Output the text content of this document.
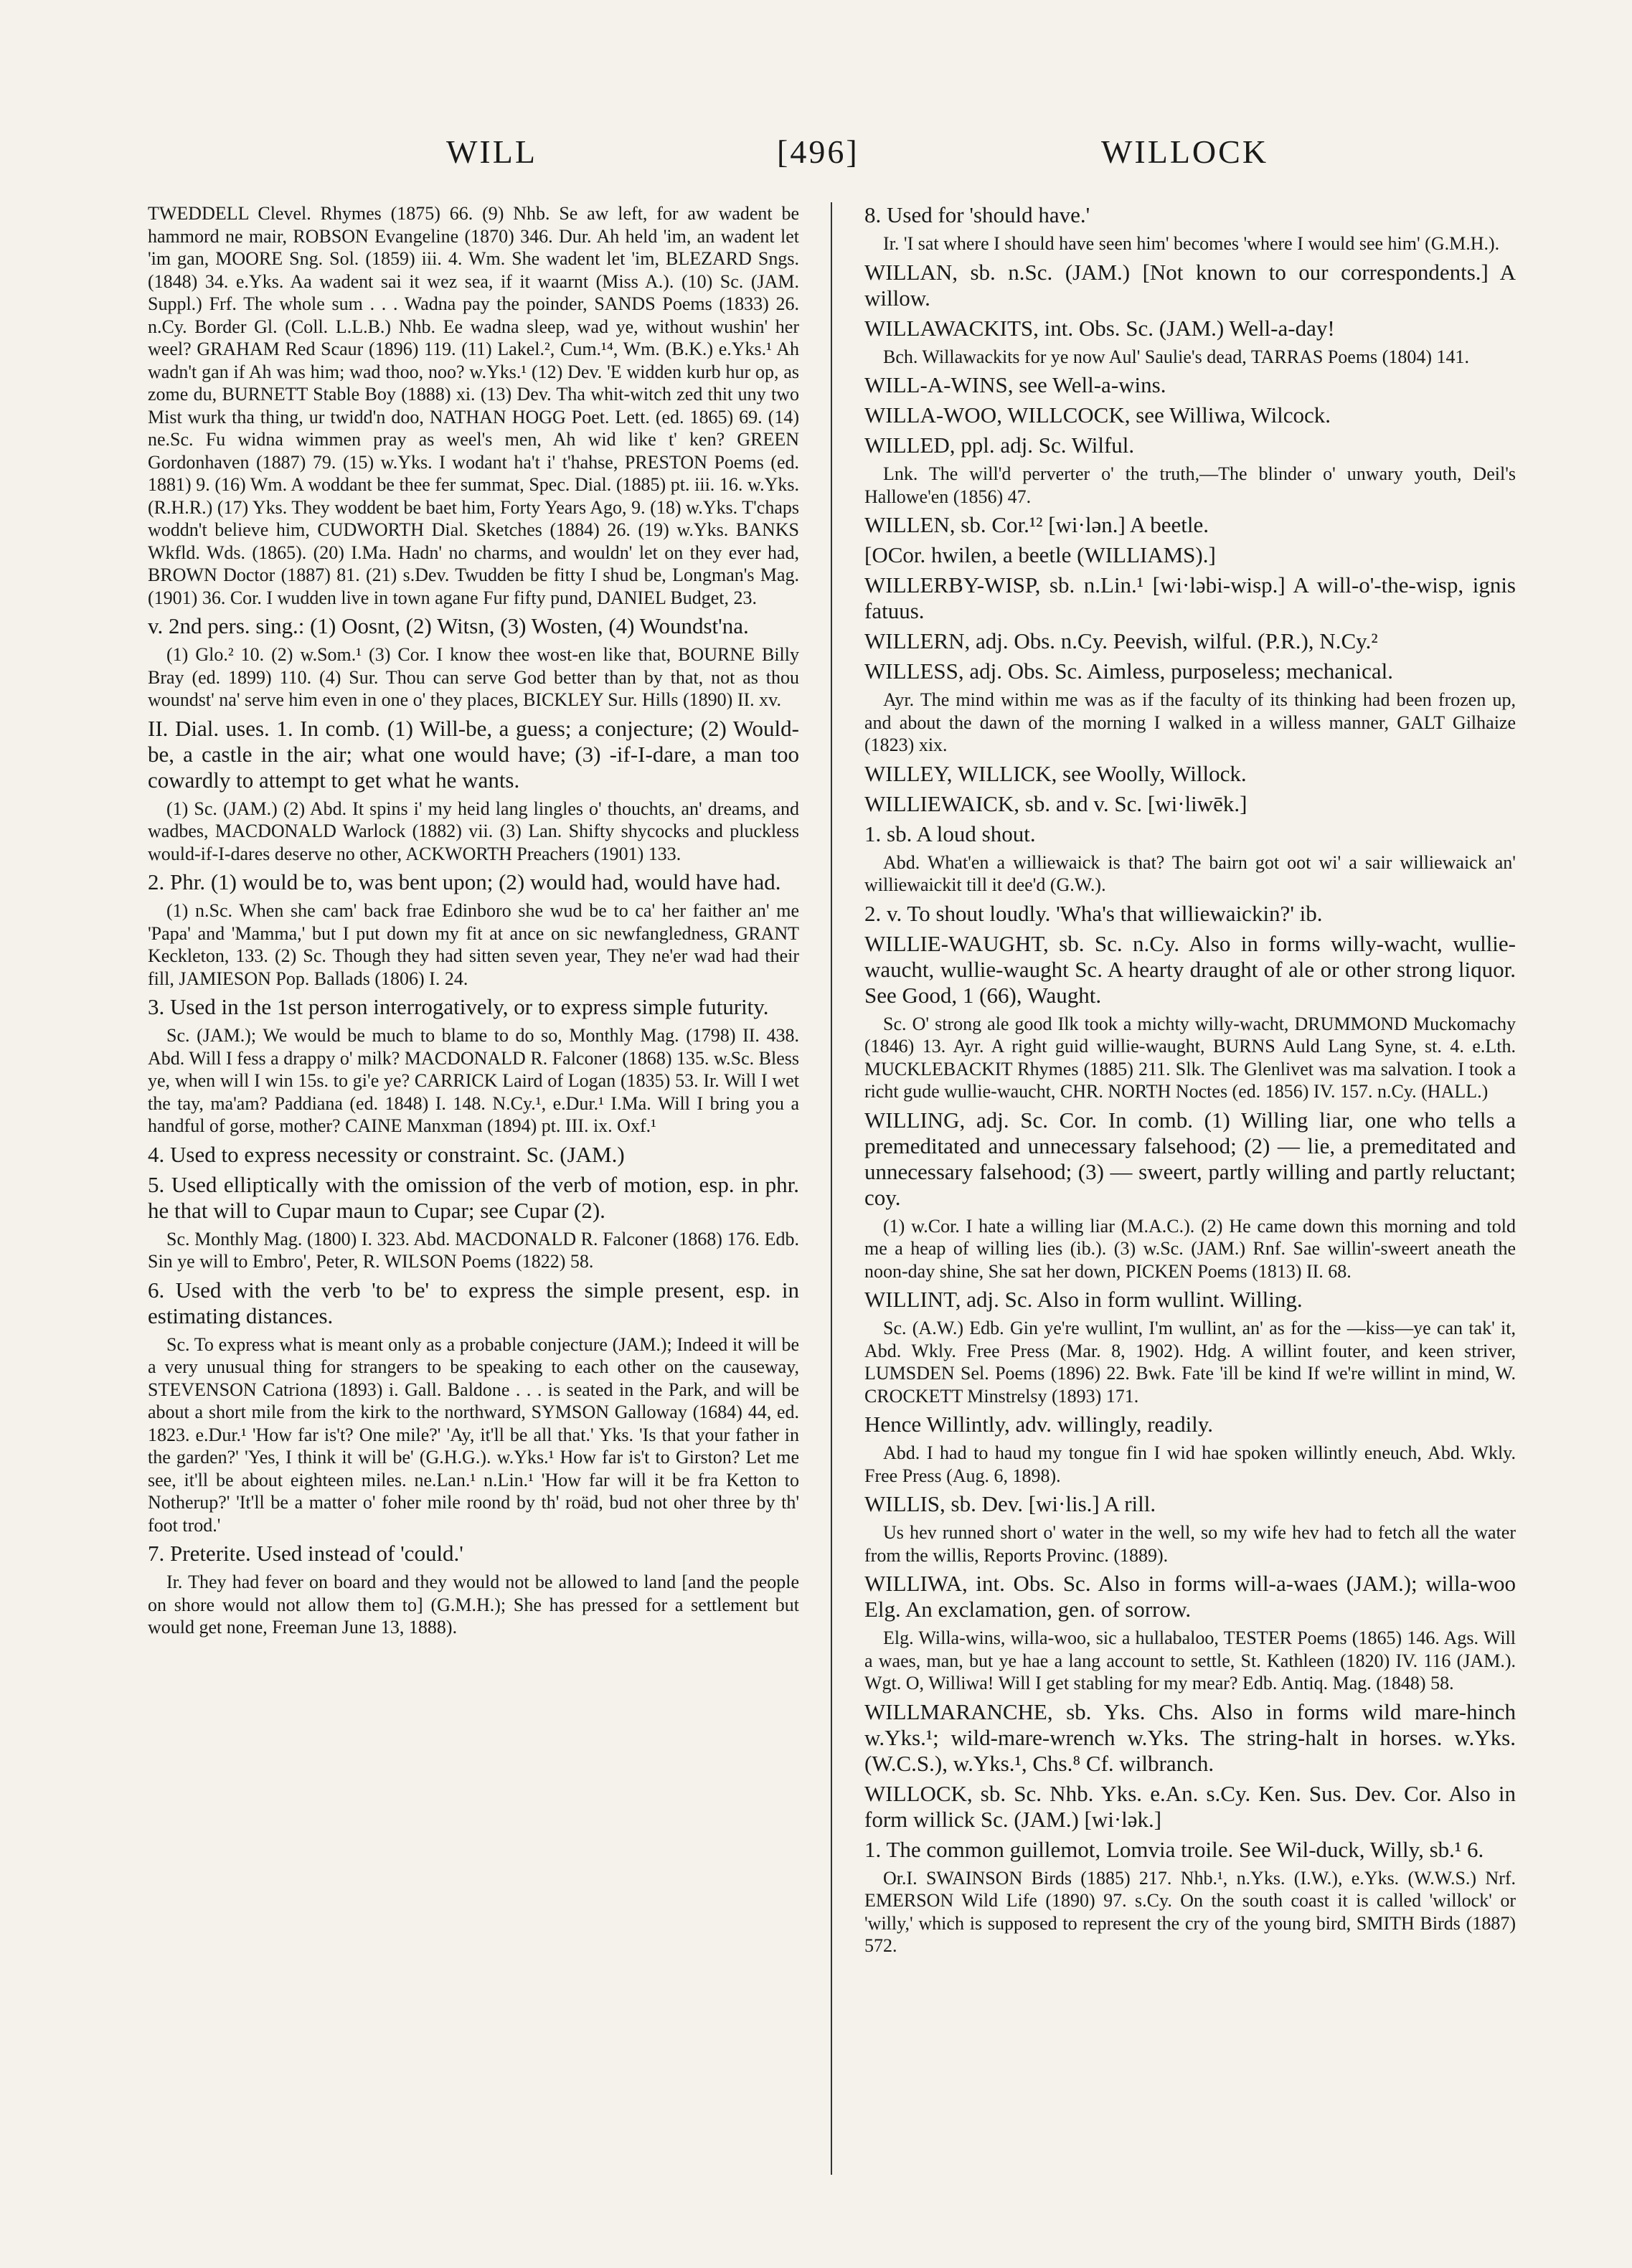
WILL	[496]	WILLOCK

TWEDDELL Clevel. Rhymes (1875) 66. (9) Nhb. Se aw left, for aw wadent be hammord ne mair, ROBSON Evangeline (1870) 346. Dur. Ah held 'im, an wadent let 'im gan, MOORE Sng. Sol. (1859) iii. 4. Wm. She wadent let 'im, BLEZARD Sngs. (1848) 34. e.Yks. Aa wadent sai it wez sea, if it waarnt (Miss A.). (10) Sc. (JAM. Suppl.) Frf. The whole sum . . . Wadna pay the poinder, SANDS Poems (1833) 26. n.Cy. Border Gl. (Coll. L.L.B.) Nhb. Ee wadna sleep, wad ye, without wushin' her weel? GRAHAM Red Scaur (1896) 119. (11) Lakel.², Cum.¹⁴, Wm. (B.K.) e.Yks.¹ Ah wadn't gan if Ah was him; wad thoo, noo? w.Yks.¹ (12) Dev. 'E widden kurb hur op, as zome du, BURNETT Stable Boy (1888) xi. (13) Dev. Tha whit-witch zed thit uny two Mist wurk tha thing, ur twidd'n doo, NATHAN HOGG Poet. Lett. (ed. 1865) 69. (14) ne.Sc. Fu widna wimmen pray as weel's men, Ah wid like t' ken? GREEN Gordonhaven (1887) 79. (15) w.Yks. I wodant ha't i' t'hahse, PRESTON Poems (ed. 1881) 9. (16) Wm. A woddant be thee fer summat, Spec. Dial. (1885) pt. iii. 16. w.Yks. (R.H.R.) (17) Yks. They woddent be baet him, Forty Years Ago, 9. (18) w.Yks. T'chaps woddn't believe him, CUDWORTH Dial. Sketches (1884) 26. (19) w.Yks. BANKS Wkfld. Wds. (1865). (20) I.Ma. Hadn' no charms, and wouldn' let on they ever had, BROWN Doctor (1887) 81. (21) s.Dev. Twudden be fitty I shud be, Longman's Mag. (1901) 36. Cor. I wudden live in town agane Fur fifty pund, DANIEL Budget, 23.

v. 2nd pers. sing.: (1) Oosnt, (2) Witsn, (3) Wosten, (4) Woundst'na.

(1) Glo.² 10. (2) w.Som.¹ (3) Cor. I know thee wost-en like that, BOURNE Billy Bray (ed. 1899) 110. (4) Sur. Thou can serve God better than by that, not as thou woundst' na' serve him even in one o' they places, BICKLEY Sur. Hills (1890) II. xv.

II. Dial. uses. 1. In comb. (1) Will-be, a guess; a conjecture; (2) Would-be, a castle in the air; what one would have; (3) -if-I-dare, a man too cowardly to attempt to get what he wants.

(1) Sc. (JAM.) (2) Abd. It spins i' my heid lang lingles o' thouchts, an' dreams, and wadbes, MACDONALD Warlock (1882) vii. (3) Lan. Shifty shycocks and pluckless would-if-I-dares deserve no other, ACKWORTH Preachers (1901) 133.

2. Phr. (1) would be to, was bent upon; (2) would had, would have had.

(1) n.Sc. When she cam' back frae Edinboro she wud be to ca' her faither an' me 'Papa' and 'Mamma,' but I put down my fit at ance on sic newfangledness, GRANT Keckleton, 133. (2) Sc. Though they had sitten seven year, They ne'er wad had their fill, JAMIESON Pop. Ballads (1806) I. 24.

3. Used in the 1st person interrogatively, or to express simple futurity.

Sc. (JAM.); We would be much to blame to do so, Monthly Mag. (1798) II. 438. Abd. Will I fess a drappy o' milk? MACDONALD R. Falconer (1868) 135. w.Sc. Bless ye, when will I win 15s. to gi'e ye? CARRICK Laird of Logan (1835) 53. Ir. Will I wet the tay, ma'am? Paddiana (ed. 1848) I. 148. N.Cy.¹, e.Dur.¹ I.Ma. Will I bring you a handful of gorse, mother? CAINE Manxman (1894) pt. III. ix. Oxf.¹

4. Used to express necessity or constraint. Sc. (JAM.)

5. Used elliptically with the omission of the verb of motion, esp. in phr. he that will to Cupar maun to Cupar; see Cupar (2).

Sc. Monthly Mag. (1800) I. 323. Abd. MACDONALD R. Falconer (1868) 176. Edb. Sin ye will to Embro', Peter, R. WILSON Poems (1822) 58.

6. Used with the verb 'to be' to express the simple present, esp. in estimating distances.

Sc. To express what is meant only as a probable conjecture (JAM.); Indeed it will be a very unusual thing for strangers to be speaking to each other on the causeway, STEVENSON Catriona (1893) i. Gall. Baldone . . . is seated in the Park, and will be about a short mile from the kirk to the northward, SYMSON Galloway (1684) 44, ed. 1823. e.Dur.¹ 'How far is't? One mile?' 'Ay, it'll be all that.' Yks. 'Is that your father in the garden?' 'Yes, I think it will be' (G.H.G.). w.Yks.¹ How far is't to Girston? Let me see, it'll be about eighteen miles. ne.Lan.¹ n.Lin.¹ 'How far will it be fra Ketton to Notherup?' 'It'll be a matter o' foher mile roond by th' roäd, bud not oher three by th' foot trod.'

7. Preterite. Used instead of 'could.'

Ir. They had fever on board and they would not be allowed to land [and the people on shore would not allow them to] (G.M.H.); She has pressed for a settlement but would get none, Freeman June 13, 1888).

8. Used for 'should have.'

Ir. 'I sat where I should have seen him' becomes 'where I would see him' (G.M.H.).

WILLAN, sb. n.Sc. (JAM.) [Not known to our correspondents.] A willow.

WILLAWACKITS, int. Obs. Sc. (JAM.) Well-a-day!

Bch. Willawackits for ye now Aul' Saulie's dead, TARRAS Poems (1804) 141.

WILL-A-WINS, see Well-a-wins.

WILLA-WOO, WILLCOCK, see Williwa, Wilcock.

WILLED, ppl. adj. Sc. Wilful.

Lnk. The will'd perverter o' the truth,—The blinder o' unwary youth, Deil's Hallowe'en (1856) 47.

WILLEN, sb. Cor.¹² [wi·lən.] A beetle.

[OCor. hwilen, a beetle (WILLIAMS).]

WILLERBY-WISP, sb. n.Lin.¹ [wi·ləbi-wisp.] A will-o'-the-wisp, ignis fatuus.

WILLERN, adj. Obs. n.Cy. Peevish, wilful. (P.R.), N.Cy.²

WILLESS, adj. Obs. Sc. Aimless, purposeless; mechanical.

Ayr. The mind within me was as if the faculty of its thinking had been frozen up, and about the dawn of the morning I walked in a willess manner, GALT Gilhaize (1823) xix.

WILLEY, WILLICK, see Woolly, Willock.

WILLIEWAICK, sb. and v. Sc. [wi·liwēk.]

1. sb. A loud shout.

Abd. What'en a williewaick is that? The bairn got oot wi' a sair williewaick an' williewaickit till it dee'd (G.W.).

2. v. To shout loudly. 'Wha's that williewaickin?' ib.

WILLIE-WAUGHT, sb. Sc. n.Cy. Also in forms willy-wacht, wullie-waucht, wullie-waught Sc. A hearty draught of ale or other strong liquor. See Good, 1 (66), Waught.

Sc. O' strong ale good Ilk took a michty willy-wacht, DRUMMOND Muckomachy (1846) 13. Ayr. A right guid willie-waught, BURNS Auld Lang Syne, st. 4. e.Lth. MUCKLEBACKIT Rhymes (1885) 211. Slk. The Glenlivet was ma salvation. I took a richt gude wullie-waucht, CHR. NORTH Noctes (ed. 1856) IV. 157. n.Cy. (HALL.)

WILLING, adj. Sc. Cor. In comb. (1) Willing liar, one who tells a premeditated and unnecessary falsehood; (2) — lie, a premeditated and unnecessary falsehood; (3) — sweert, partly willing and partly reluctant; coy.

(1) w.Cor. I hate a willing liar (M.A.C.). (2) He came down this morning and told me a heap of willing lies (ib.). (3) w.Sc. (JAM.) Rnf. Sae willin'-sweert aneath the noon-day shine, She sat her down, PICKEN Poems (1813) II. 68.

WILLINT, adj. Sc. Also in form wullint. Willing.

Sc. (A.W.) Edb. Gin ye're wullint, I'm wullint, an' as for the —kiss—ye can tak' it, Abd. Wkly. Free Press (Mar. 8, 1902). Hdg. A willint fouter, and keen striver, LUMSDEN Sel. Poems (1896) 22. Bwk. Fate 'ill be kind If we're willint in mind, W. CROCKETT Minstrelsy (1893) 171.

Hence Willintly, adv. willingly, readily.

Abd. I had to haud my tongue fin I wid hae spoken willintly eneuch, Abd. Wkly. Free Press (Aug. 6, 1898).

WILLIS, sb. Dev. [wi·lis.] A rill.

Us hev runned short o' water in the well, so my wife hev had to fetch all the water from the willis, Reports Provinc. (1889).

WILLIWA, int. Obs. Sc. Also in forms will-a-waes (JAM.); willa-woo Elg. An exclamation, gen. of sorrow.

Elg. Willa-wins, willa-woo, sic a hullabaloo, TESTER Poems (1865) 146. Ags. Will a waes, man, but ye hae a lang account to settle, St. Kathleen (1820) IV. 116 (JAM.). Wgt. O, Williwa! Will I get stabling for my mear? Edb. Antiq. Mag. (1848) 58.

WILLMARANCHE, sb. Yks. Chs. Also in forms wild mare-hinch w.Yks.¹; wild-mare-wrench w.Yks. The string-halt in horses. w.Yks. (W.C.S.), w.Yks.¹, Chs.⁸ Cf. wilbranch.

WILLOCK, sb. Sc. Nhb. Yks. e.An. s.Cy. Ken. Sus. Dev. Cor. Also in form willick Sc. (JAM.) [wi·lək.]

1. The common guillemot, Lomvia troile. See Wil-duck, Willy, sb.¹ 6.

Or.I. SWAINSON Birds (1885) 217. Nhb.¹, n.Yks. (I.W.), e.Yks. (W.W.S.) Nrf. EMERSON Wild Life (1890) 97. s.Cy. On the south coast it is called 'willock' or 'willy,' which is supposed to represent the cry of the young bird, SMITH Birds (1887) 572.
